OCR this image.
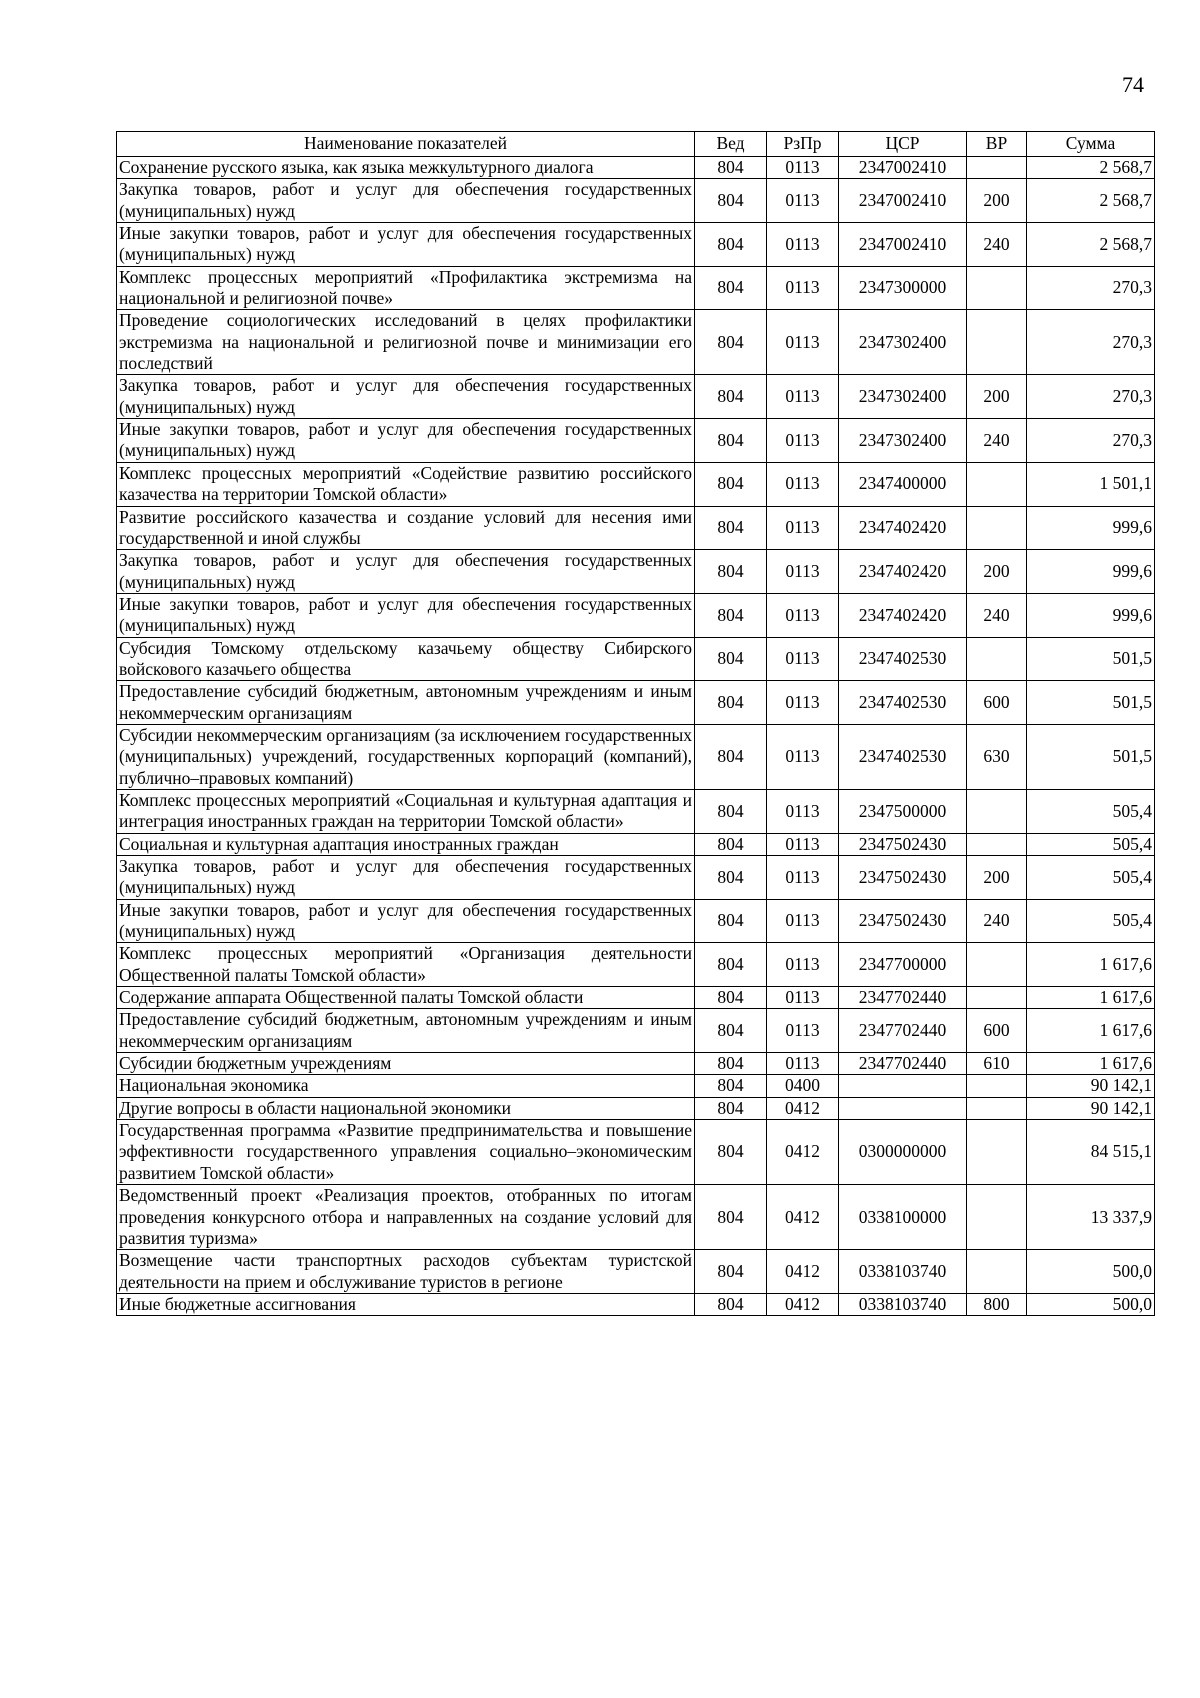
74
Наименование показателей	Вед	РзПр	ЦСР	ВР	Сумма
Сохранение русского языка, как языка межкультурного диалога	804	0113	2347002410		2 568,7
Закупка товаров, работ и услуг для обеспечения государственных (муниципальных) нужд	804	0113	2347002410	200	2 568,7
Иные закупки товаров, работ и услуг для обеспечения государственных (муниципальных) нужд	804	0113	2347002410	240	2 568,7
Комплекс процессных мероприятий «Профилактика экстремизма на национальной и религиозной почве»	804	0113	2347300000		270,3
Проведение социологических исследований в целях профилактики экстремизма на национальной и религиозной почве и минимизации его последствий	804	0113	2347302400		270,3
Закупка товаров, работ и услуг для обеспечения государственных (муниципальных) нужд	804	0113	2347302400	200	270,3
Иные закупки товаров, работ и услуг для обеспечения государственных (муниципальных) нужд	804	0113	2347302400	240	270,3
Комплекс процессных мероприятий «Содействие развитию российского казачества на территории Томской области»	804	0113	2347400000		1 501,1
Развитие российского казачества и создание условий для несения ими государственной и иной службы	804	0113	2347402420		999,6
Закупка товаров, работ и услуг для обеспечения государственных (муниципальных) нужд	804	0113	2347402420	200	999,6
Иные закупки товаров, работ и услуг для обеспечения государственных (муниципальных) нужд	804	0113	2347402420	240	999,6
Субсидия Томскому отдельскому казачьему обществу Сибирского войскового казачьего общества	804	0113	2347402530		501,5
Предоставление субсидий бюджетным, автономным учреждениям и иным некоммерческим организациям	804	0113	2347402530	600	501,5
Субсидии некоммерческим организациям (за исключением государственных (муниципальных) учреждений, государственных корпораций (компаний), публично–правовых компаний)	804	0113	2347402530	630	501,5
Комплекс процессных мероприятий «Социальная и культурная адаптация и интеграция иностранных граждан на территории Томской области»	804	0113	2347500000		505,4
Социальная и культурная адаптация иностранных граждан	804	0113	2347502430		505,4
Закупка товаров, работ и услуг для обеспечения государственных (муниципальных) нужд	804	0113	2347502430	200	505,4
Иные закупки товаров, работ и услуг для обеспечения государственных (муниципальных) нужд	804	0113	2347502430	240	505,4
Комплекс процессных мероприятий «Организация деятельности Общественной палаты Томской области»	804	0113	2347700000		1 617,6
Содержание аппарата Общественной палаты Томской области	804	0113	2347702440		1 617,6
Предоставление субсидий бюджетным, автономным учреждениям и иным некоммерческим организациям	804	0113	2347702440	600	1 617,6
Субсидии бюджетным учреждениям	804	0113	2347702440	610	1 617,6
Национальная экономика	804	0400			90 142,1
Другие вопросы в области национальной экономики	804	0412			90 142,1
Государственная программа «Развитие предпринимательства и повышение эффективности государственного управления социально–экономическим развитием Томской области»	804	0412	0300000000		84 515,1
Ведомственный проект «Реализация проектов, отобранных по итогам проведения конкурсного отбора и направленных на создание условий для развития туризма»	804	0412	0338100000		13 337,9
Возмещение части транспортных расходов субъектам туристской деятельности на прием и обслуживание туристов в регионе	804	0412	0338103740		500,0
Иные бюджетные ассигнования	804	0412	0338103740	800	500,0
